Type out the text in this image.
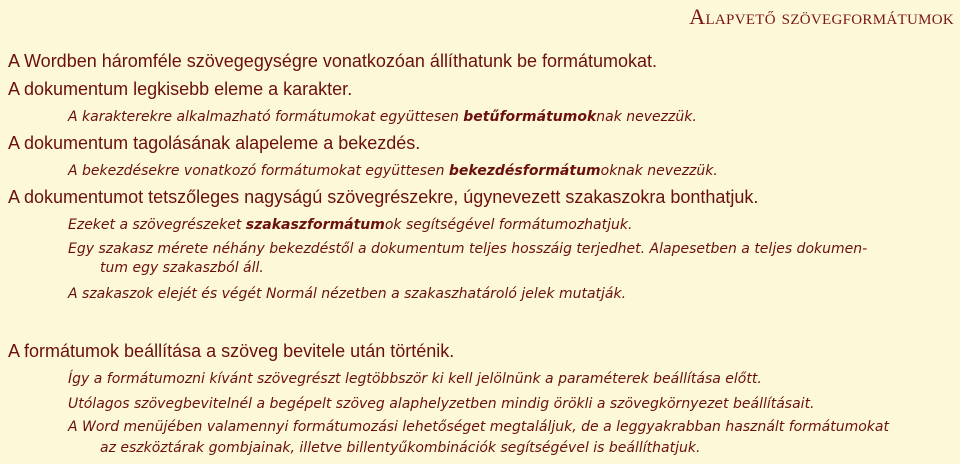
Alapvető szövegformátumok
A Wordben háromféle szövegegységre vonatkozóan állíthatunk be formátumokat.
A dokumentum legkisebb eleme a karakter.
A karakterekre alkalmazható formátumokat együttesen betűformátumoknak nevezzük.
A dokumentum tagolásának alapeleme a bekezdés.
A bekezdésekre vonatkozó formátumokat együttesen bekezdésformátumoknak nevezzük.
A dokumentumot tetszőleges nagyságú szövegrészekre, úgynevezett szakaszokra bonthatjuk.
Ezeket a szövegrészeket szakaszformátumok segítségével formátumozhatjuk.
Egy szakasz mérete néhány bekezdéstől a dokumentum teljes hosszáig terjedhet. Alapesetben a teljes dokumen-
tum egy szakaszból áll.
A szakaszok elejét és végét Normál nézetben a szakaszhatároló jelek mutatják.
A formátumok beállítása a szöveg bevitele után történik.
Így a formátumozni kívánt szövegrészt legtöbbször ki kell jelölnünk a paraméterek beállítása előtt.
Utólagos szövegbevitelnél a begépelt szöveg alaphelyzetben mindig örökli a szövegkörnyezet beállításait.
A Word menüjében valamennyi formátumozási lehetőséget megtaláljuk, de a leggyakrabban használt formátumokat
az eszköztárak gombjainak, illetve billentyűkombinációk segítségével is beállíthatjuk.
